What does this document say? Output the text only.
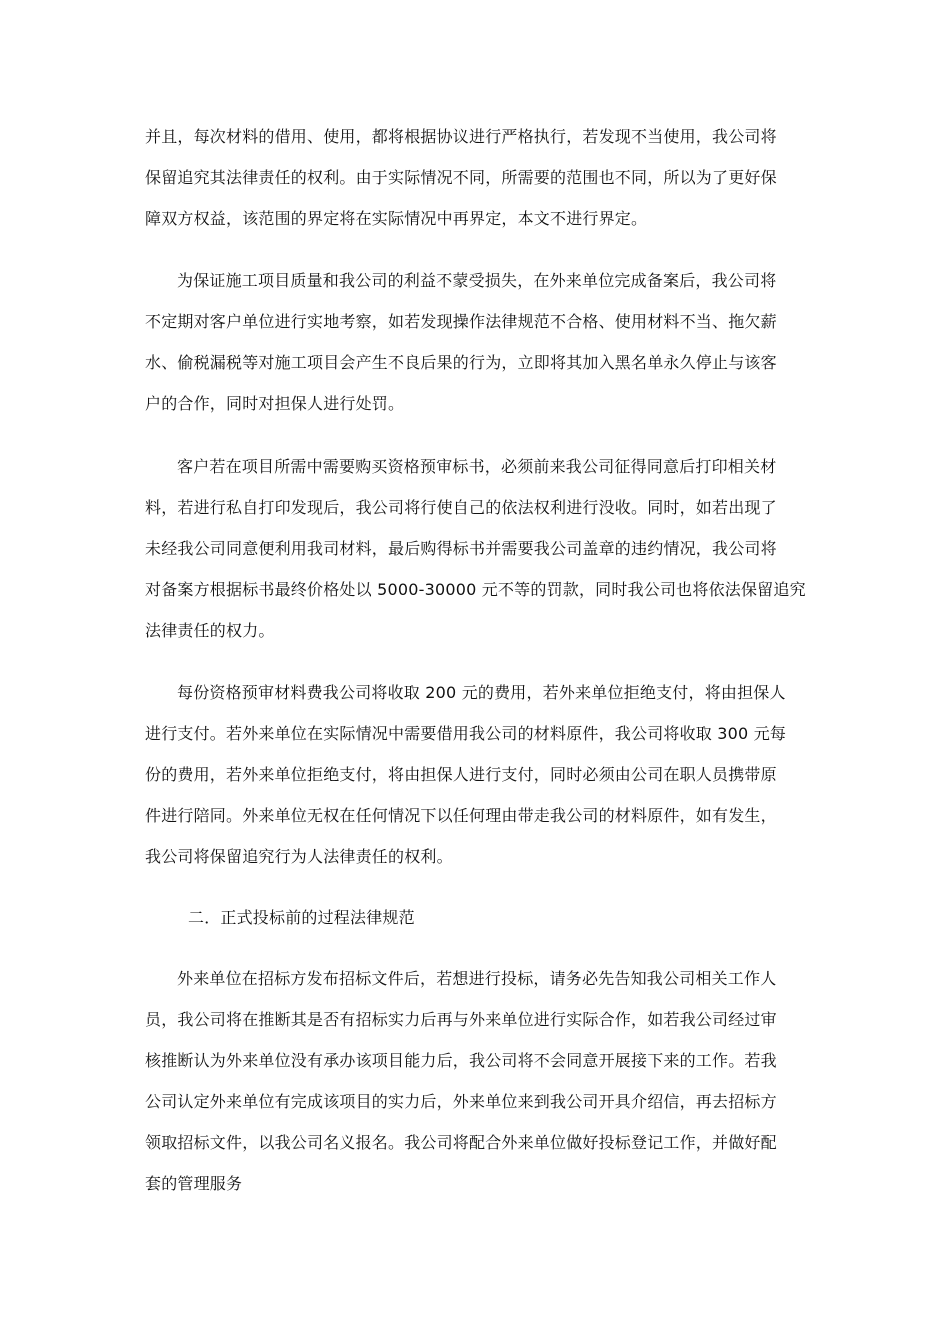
并且，每次材料的借用、使用，都将根据协议进行严格执行，若发现不当使用，我公司将
保留追究其法律责任的权利。由于实际情况不同，所需要的范围也不同，所以为了更好保
障双方权益，该范围的界定将在实际情况中再界定，本文不进行界定。
为保证施工项目质量和我公司的利益不蒙受损失，在外来单位完成备案后，我公司将
不定期对客户单位进行实地考察，如若发现操作法律规范不合格、使用材料不当、拖欠薪
水、偷税漏税等对施工项目会产生不良后果的行为，立即将其加入黑名单永久停止与该客
户的合作，同时对担保人进行处罚。
客户若在项目所需中需要购买资格预审标书，必须前来我公司征得同意后打印相关材
料，若进行私自打印发现后，我公司将行使自己的依法权利进行没收。同时，如若出现了
未经我公司同意便利用我司材料，最后购得标书并需要我公司盖章的违约情况，我公司将
对备案方根据标书最终价格处以 5000-30000 元不等的罚款，同时我公司也将依法保留追究
法律责任的权力。
每份资格预审材料费我公司将收取 200 元的费用，若外来单位拒绝支付，将由担保人
进行支付。若外来单位在实际情况中需要借用我公司的材料原件，我公司将收取 300 元每
份的费用，若外来单位拒绝支付，将由担保人进行支付，同时必须由公司在职人员携带原
件进行陪同。外来单位无权在任何情况下以任何理由带走我公司的材料原件，如有发生，
我公司将保留追究行为人法律责任的权利。
二．正式投标前的过程法律规范
外来单位在招标方发布招标文件后，若想进行投标，请务必先告知我公司相关工作人
员，我公司将在推断其是否有招标实力后再与外来单位进行实际合作，如若我公司经过审
核推断认为外来单位没有承办该项目能力后，我公司将不会同意开展接下来的工作。若我
公司认定外来单位有完成该项目的实力后，外来单位来到我公司开具介绍信，再去招标方
领取招标文件，以我公司名义报名。我公司将配合外来单位做好投标登记工作，并做好配
套的管理服务
